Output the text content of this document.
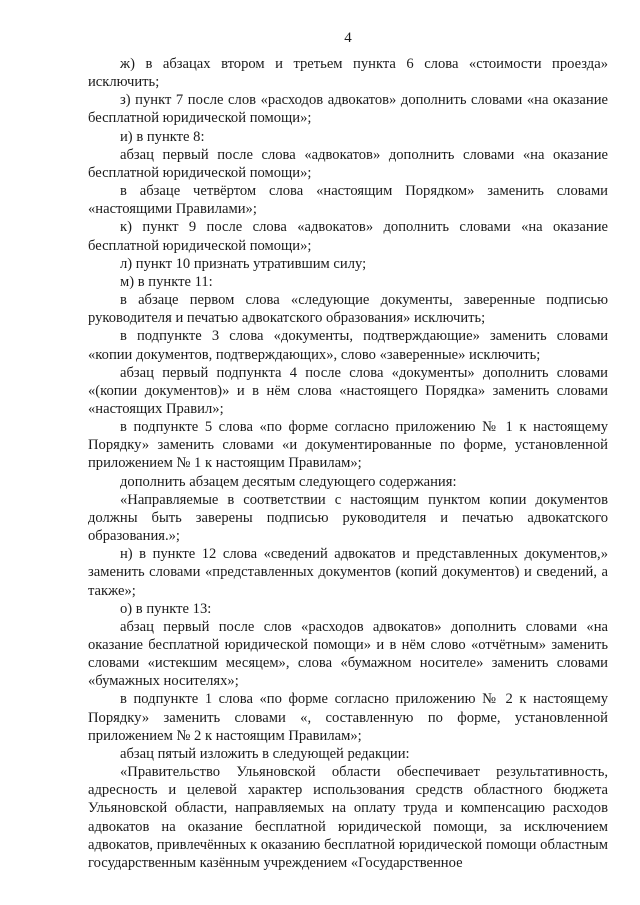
4

ж) в абзацах втором и третьем пункта 6 слова «стоимости проезда» исключить;

з) пункт 7 после слов «расходов адвокатов» дополнить словами «на оказание бесплатной юридической помощи»;

и) в пункте 8:

абзац первый после слова «адвокатов» дополнить словами «на оказание бесплатной юридической помощи»;

в абзаце четвёртом слова «настоящим Порядком» заменить словами «настоящими Правилами»;

к) пункт 9 после слова «адвокатов» дополнить словами «на оказание бесплатной юридической помощи»;

л) пункт 10 признать утратившим силу;

м) в пункте 11:

в абзаце первом слова «следующие документы, заверенные подписью руководителя и печатью адвокатского образования» исключить;

в подпункте 3 слова «документы, подтверждающие» заменить словами «копии документов, подтверждающих», слово «заверенные» исключить;

абзац первый подпункта 4 после слова «документы» дополнить словами «(копии документов)» и в нём слова «настоящего Порядка» заменить словами «настоящих Правил»;

в подпункте 5 слова «по форме согласно приложению № 1 к настоящему Порядку» заменить словами «и документированные по форме, установленной приложением № 1 к настоящим Правилам»;

дополнить абзацем десятым следующего содержания:

«Направляемые в соответствии с настоящим пунктом копии документов должны быть заверены подписью руководителя и печатью адвокатского образования.»;

н) в пункте 12 слова «сведений адвокатов и представленных документов,» заменить словами «представленных документов (копий документов) и сведений, а также»;

о) в пункте 13:

абзац первый после слов «расходов адвокатов» дополнить словами «на оказание бесплатной юридической помощи» и в нём слово «отчётным» заменить словами «истекшим месяцем», слова «бумажном носителе» заменить словами «бумажных носителях»;

в подпункте 1 слова «по форме согласно приложению № 2 к настоящему Порядку» заменить словами «, составленную по форме, установленной приложением № 2 к настоящим Правилам»;

абзац пятый изложить в следующей редакции:

«Правительство Ульяновской области обеспечивает результативность, адресность и целевой характер использования средств областного бюджета Ульяновской области, направляемых на оплату труда и компенсацию расходов адвокатов на оказание бесплатной юридической помощи, за исключением адвокатов, привлечённых к оказанию бесплатной юридической помощи областным государственным казённым учреждением «Государственное
